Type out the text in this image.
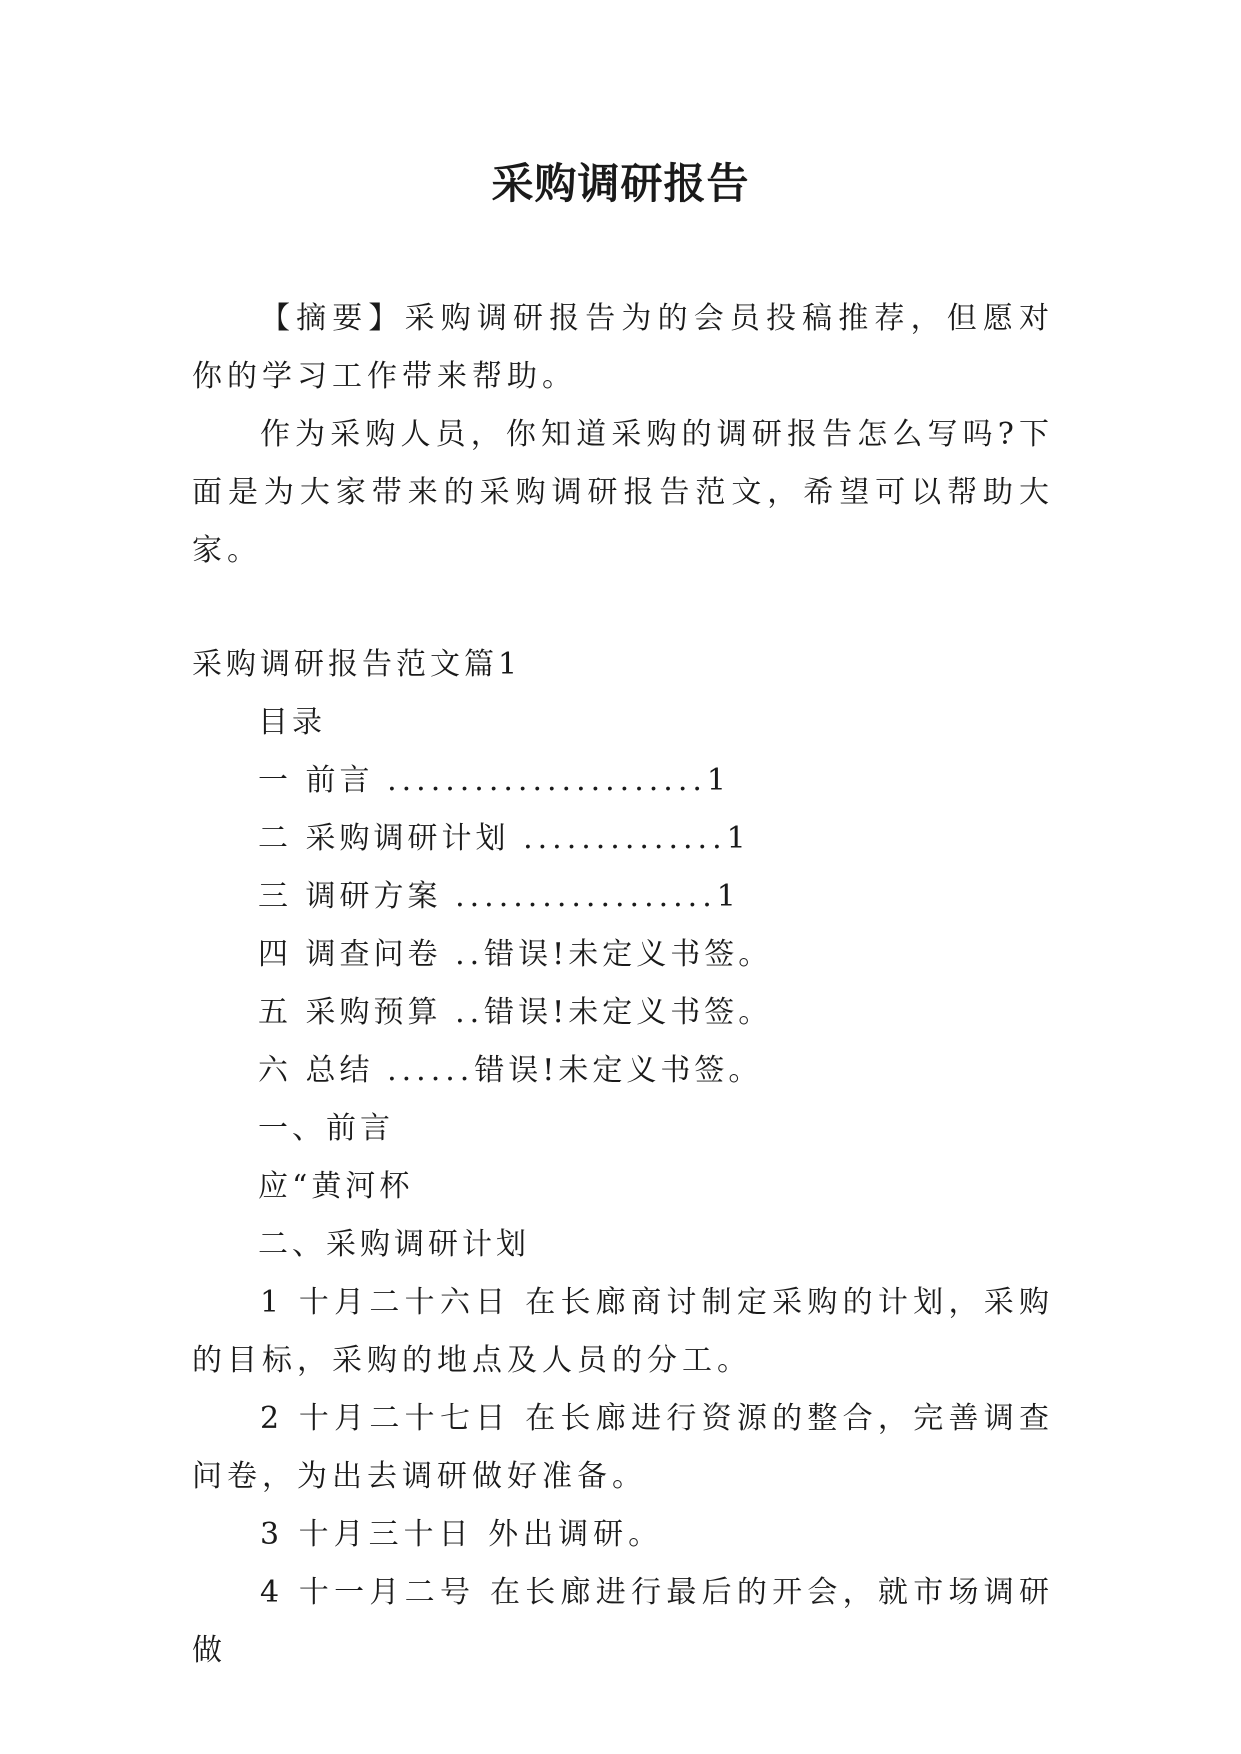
采购调研报告

【摘要】采购调研报告为的会员投稿推荐，但愿对你的学习工作带来帮助。

作为采购人员，你知道采购的调研报告怎么写吗?下面是为大家带来的采购调研报告范文，希望可以帮助大家。

采购调研报告范文篇1

目录

一 前言 ......................1

二 采购调研计划 ..............1

三 调研方案 ..................1

四 调查问卷 ..错误!未定义书签。

五 采购预算 ..错误!未定义书签。

六 总结 ......错误!未定义书签。

一、前言

应“黄河杯

二、采购调研计划

1 十月二十六日 在长廊商讨制定采购的计划，采购的目标，采购的地点及人员的分工。

2 十月二十七日 在长廊进行资源的整合，完善调查问卷，为出去调研做好准备。

3 十月三十日 外出调研。

4 十一月二号 在长廊进行最后的开会，就市场调研做
